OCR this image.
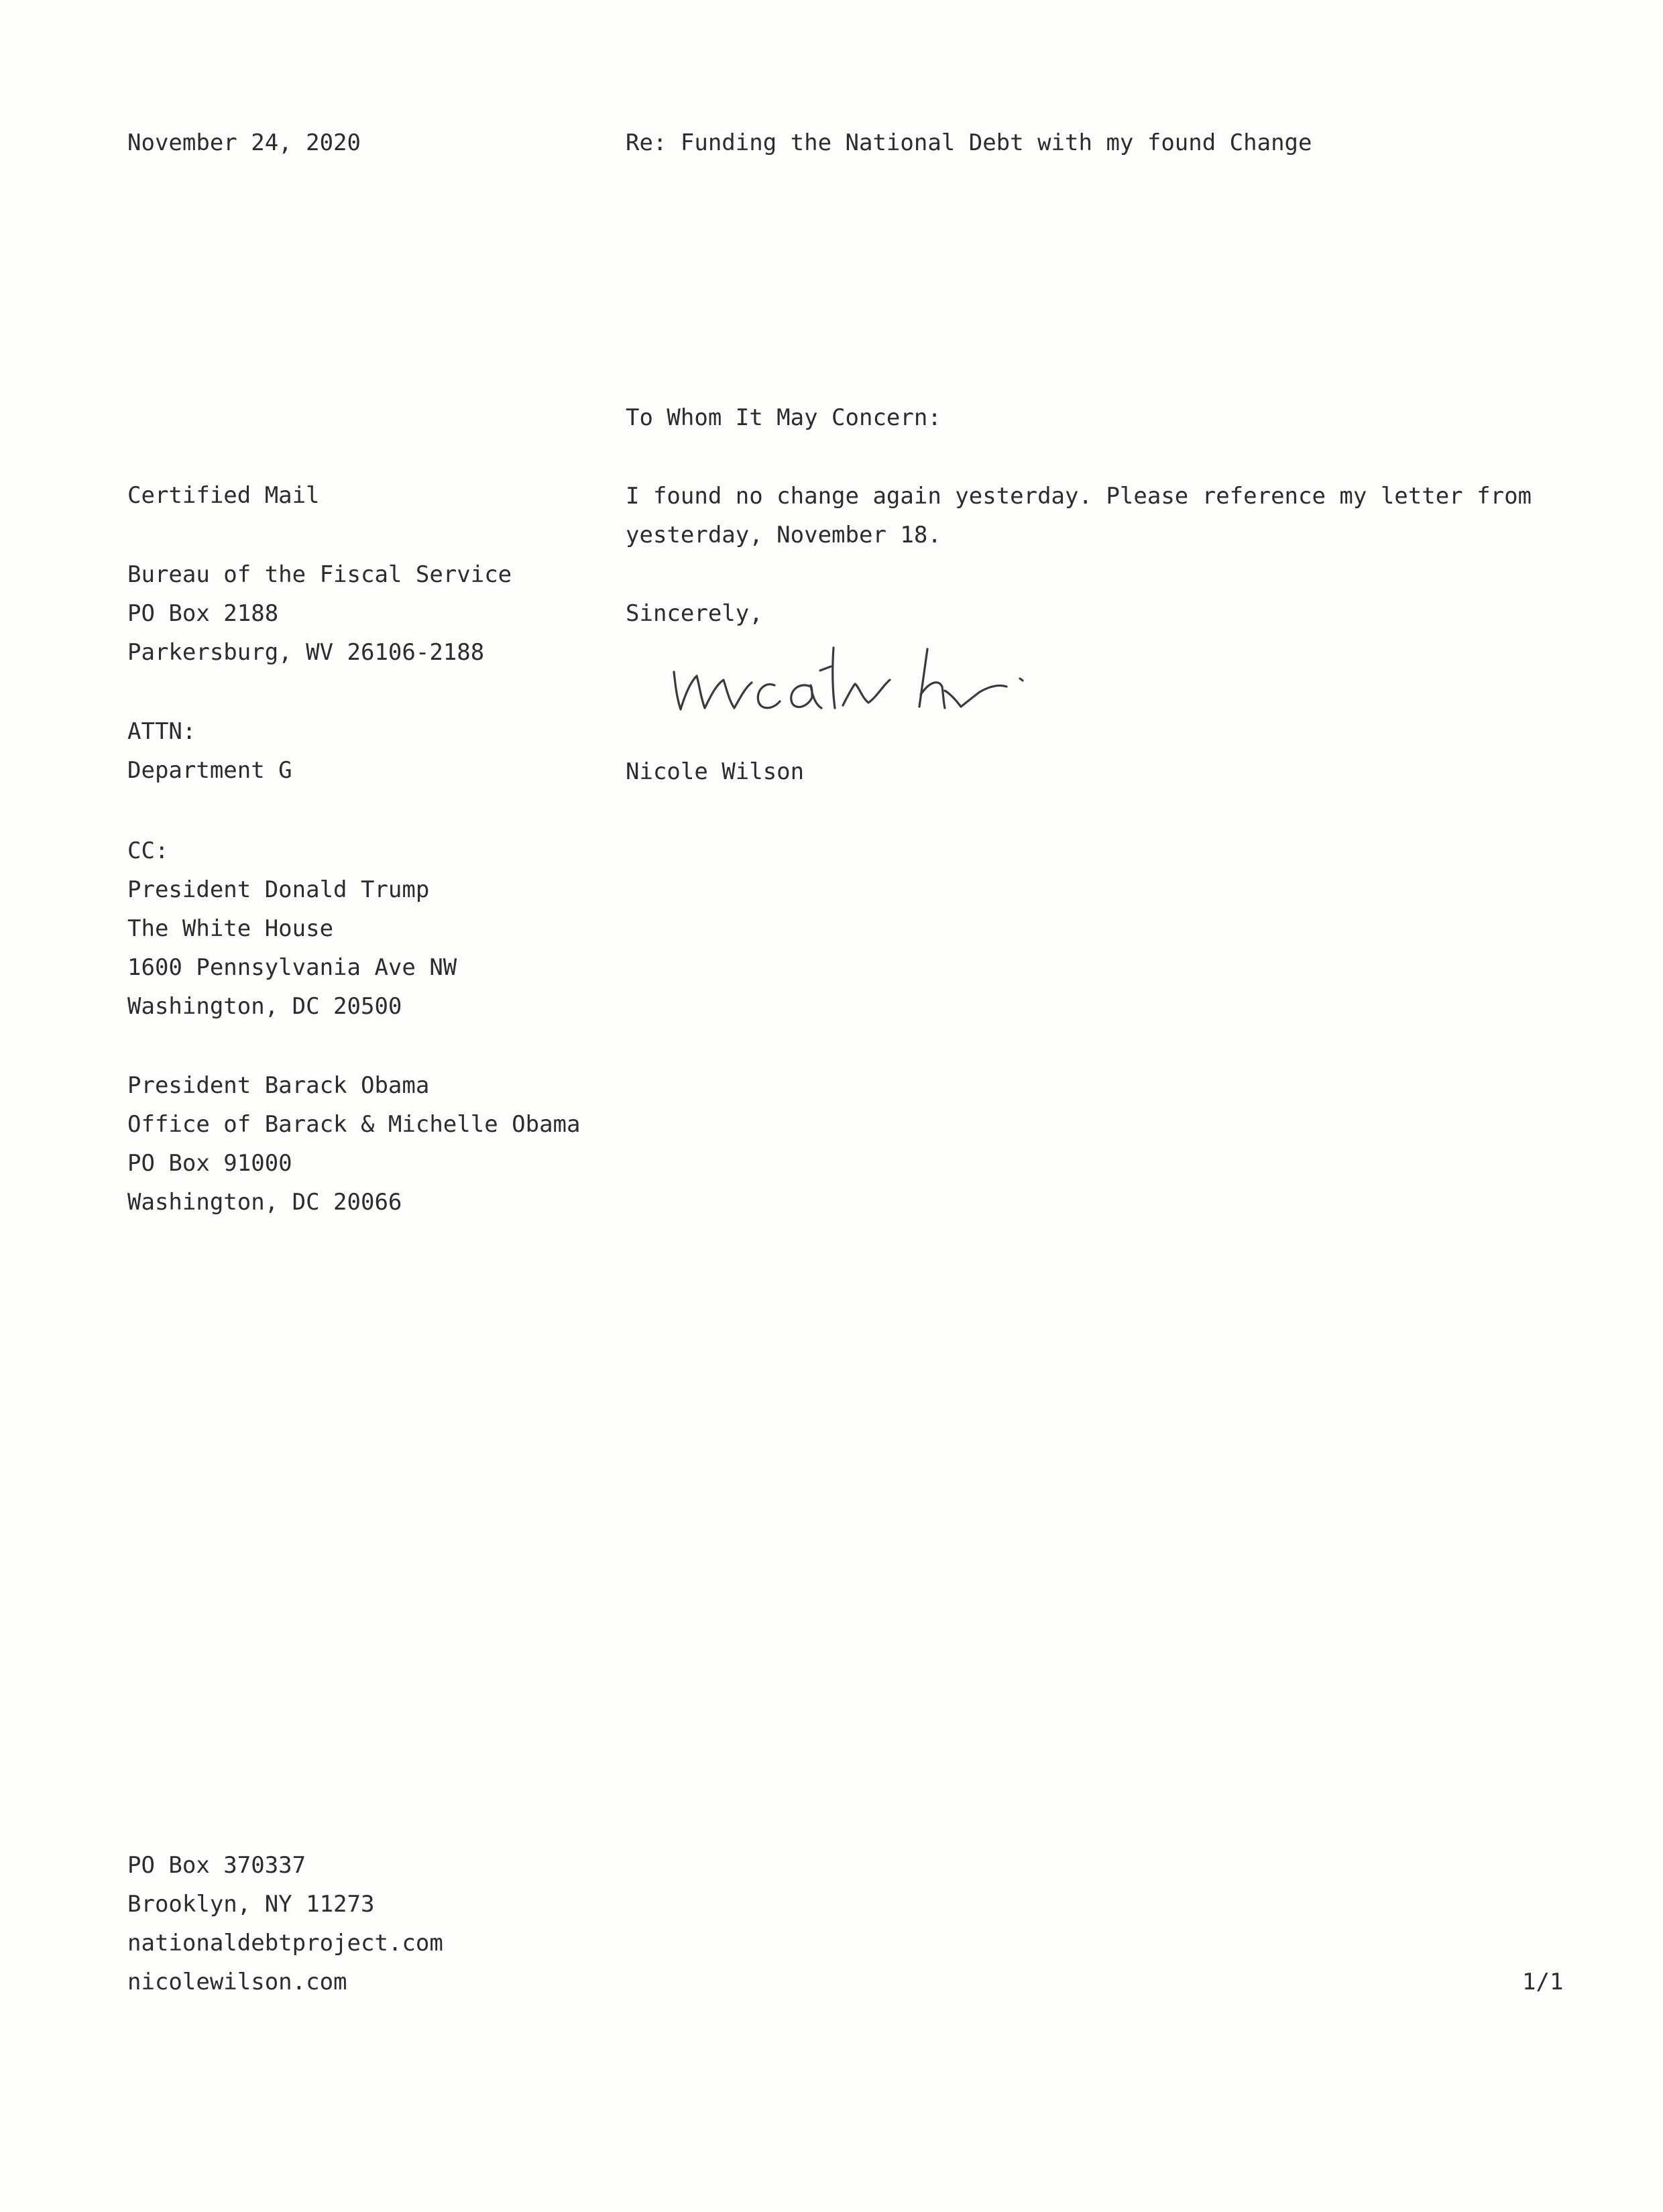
November 24, 2020	Re: Funding the National Debt with my found Change
To Whom It May Concern:
Certified Mail
Bureau of the Fiscal Service
PO Box 2188
Parkersburg, WV 26106-2188
ATTN:
Department G
CC:
President Donald Trump
The White House
1600 Pennsylvania Ave NW
Washington, DC 20500
President Barack Obama
Office of Barack & Michelle Obama
PO Box 91000
Washington, DC 20066
I found no change again yesterday. Please reference my letter from
yesterday, November 18.
Sincerely,
Nicole Wilson
PO Box 370337
Brooklyn, NY 11273
nationaldebtproject.com
nicolewilson.com	1/1
